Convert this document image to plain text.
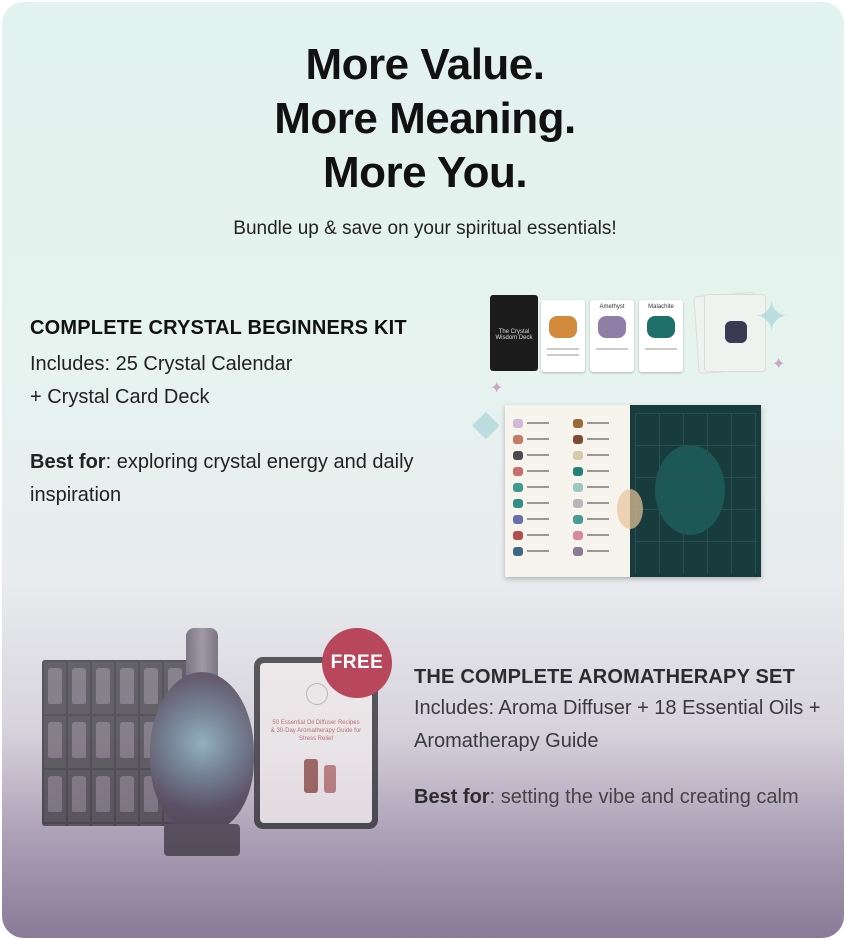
More Value.
More Meaning.
More You.
Bundle up & save on your spiritual essentials!
COMPLETE CRYSTAL BEGINNERS KIT
Includes: 25 Crystal Calendar
+ Crystal Card Deck
Best for: exploring crystal energy and daily inspiration
The Crystal Wisdom Deck
Amethyst	Malachite ✦
✦
✦
◆
50 Essential Oil Diffuser Recipes & 30-Day Aromatherapy Guide for Stress Relief
FREE
THE COMPLETE AROMATHERAPY SET
Includes: Aroma Diffuser + 18 Essential Oils + Aromatherapy Guide
Best for: setting the vibe and creating calm
